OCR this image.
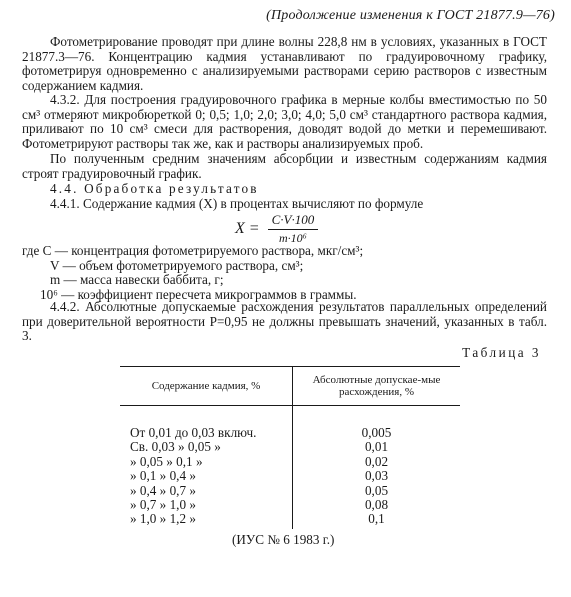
(Продолжение изменения к ГОСТ 21877.9—76)
Фотометрирование проводят при длине волны 228,8 нм в условиях, указанных в ГОСТ 21877.3—76. Концентрацию кадмия устанавливают по градуировочному графику, фотометрируя одновременно с анализируемыми растворами серию растворов с известным содержанием кадмия.
4.3.2. Для построения градуировочного графика в мерные колбы вместимостью по 50 см³ отмеряют микробюреткой 0; 0,5; 1,0; 2,0; 3,0; 4,0; 5,0 см³ стандартного раствора кадмия, приливают по 10 см³ смеси для растворения, доводят водой до метки и перемешивают. Фотометрируют растворы так же, как и растворы анализируемых проб.
По полученным средним значениям абсорбции и известным содержаниям кадмия строят градуировочный график.
4.4. Обработка результатов
4.4.1. Содержание кадмия (X) в процентах вычисляют по формуле
$X = \frac{C\cdot V\cdot 100}{\text{m·10⁶}}$
где C — концентрация фотометрируемого раствора, мкг/см³;
V — объем фотометрируемого раствора, см³;
m — масса навески баббита, г;
10⁶ — коэффициент пересчета микрограммов в граммы.
4.4.2. Абсолютные допускаемые расхождения результатов параллельных определений при доверительной вероятности P=0,95 не должны превышать значений, указанных в табл. 3.
Таблица 3
Содержание кадмия, %	Абсолютные допускае-мые расхождения, %
От 0,01 до 0,03 включ.	0,005
Св. 0,03 » 0,05 »	0,01
» 0,05 » 0,1 »	0,02
» 0,1 » 0,4 »	0,03
» 0,4 » 0,7 »	0,05
» 0,7 » 1,0 »	0,08
» 1,0 » 1,2 »	0,1
(ИУС № 6 1983 г.)
